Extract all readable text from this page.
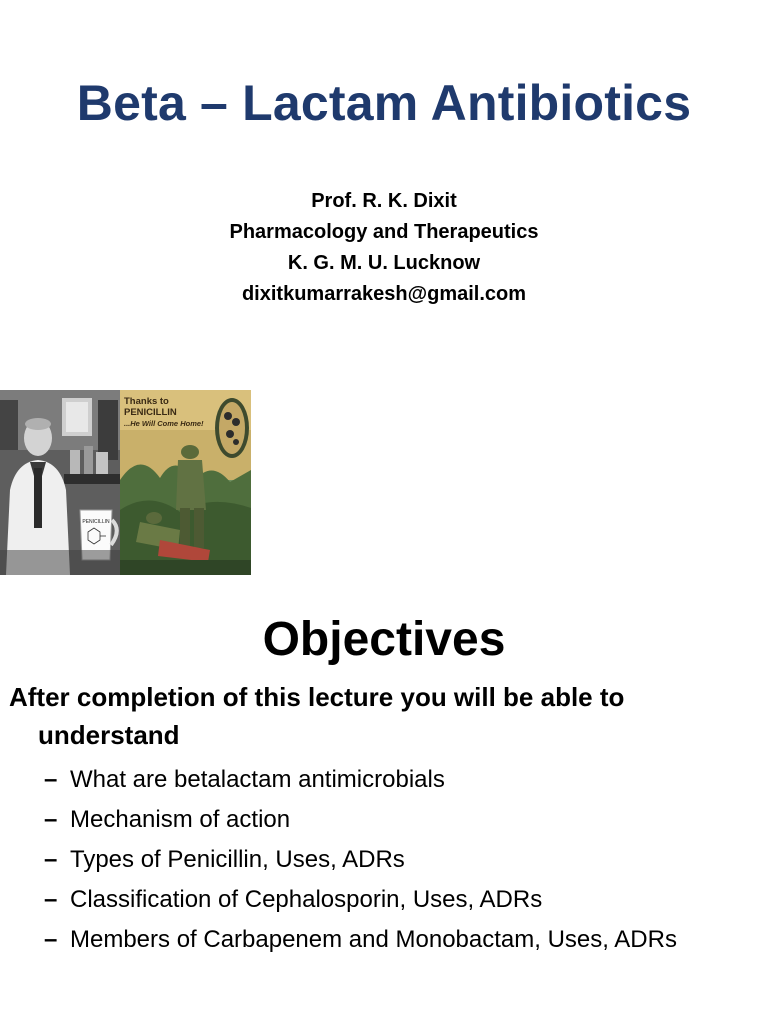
Beta – Lactam Antibiotics
Prof. R. K. Dixit
Pharmacology and Therapeutics
K. G. M. U. Lucknow
dixitkumarrakesh@gmail.com
PENICILLIN
Thanks to PENICILLIN
...He Will Come Home!
Objectives
After completion of this lecture you will be able to
understand
– What are betalactam antimicrobials
– Mechanism of action
– Types of Penicillin, Uses, ADRs
– Classification of Cephalosporin, Uses, ADRs
– Members of Carbapenem and Monobactam, Uses, ADRs
